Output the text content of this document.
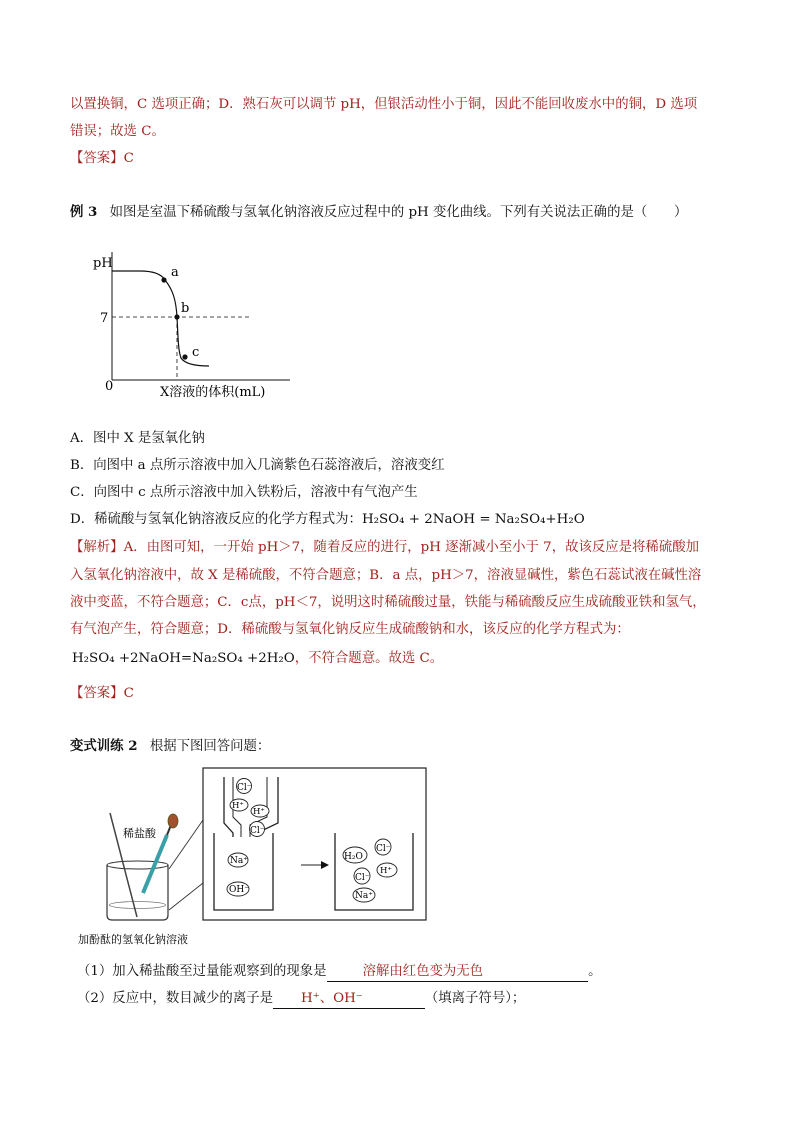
以置换铜，C 选项正确；D．熟石灰可以调节 pH，但银活动性小于铜，因此不能回收废水中的铜，D 选项
错误；故选 C。
【答案】C
例 3 如图是室温下稀硫酸与氢氧化钠溶液反应过程中的 pH 变化曲线。下列有关说法正确的是（　　）
pH
a
b
c
7
0	X溶液的体积(mL)
A．图中 X 是氢氧化钠
B．向图中 a 点所示溶液中加入几滴紫色石蕊溶液后，溶液变红
C．向图中 c 点所示溶液中加入铁粉后，溶液中有气泡产生
D．稀硫酸与氢氧化钠溶液反应的化学方程式为：H₂SO₄ + 2NaOH = Na₂SO₄+H₂O
【解析】A．由图可知，一开始 pH＞7，随着反应的进行，pH 逐渐减小至小于 7，故该反应是将稀硫酸加
入氢氧化钠溶液中，故 X 是稀硫酸，不符合题意；B．a 点，pH＞7，溶液显碱性，紫色石蕊试液在碱性溶
液中变蓝，不符合题意；C．c点，pH＜7，说明这时稀硫酸过量，铁能与稀硫酸反应生成硫酸亚铁和氢气，
有气泡产生，符合题意；D．稀硫酸与氢氧化钠反应生成硫酸钠和水，该反应的化学方程式为：
H₂SO₄ +2NaOH=Na₂SO₄ +2H₂O，不符合题意。故选 C。
【答案】C
变式训练 2 根据下图回答问题：
稀盐酸
加酚酞的氢氧化钠溶液
Cl⁻
H⁺
H⁺
Cl⁻
Na⁺
OH⁻
H₂O
Cl⁻
Cl⁻
H⁺
Na⁺
（1）加入稀盐酸至过量能观察到的现象是	溶解由红色变为无色	。
（2）反应中，数目减少的离子是 H⁺、OH⁻	（填离子符号）；
